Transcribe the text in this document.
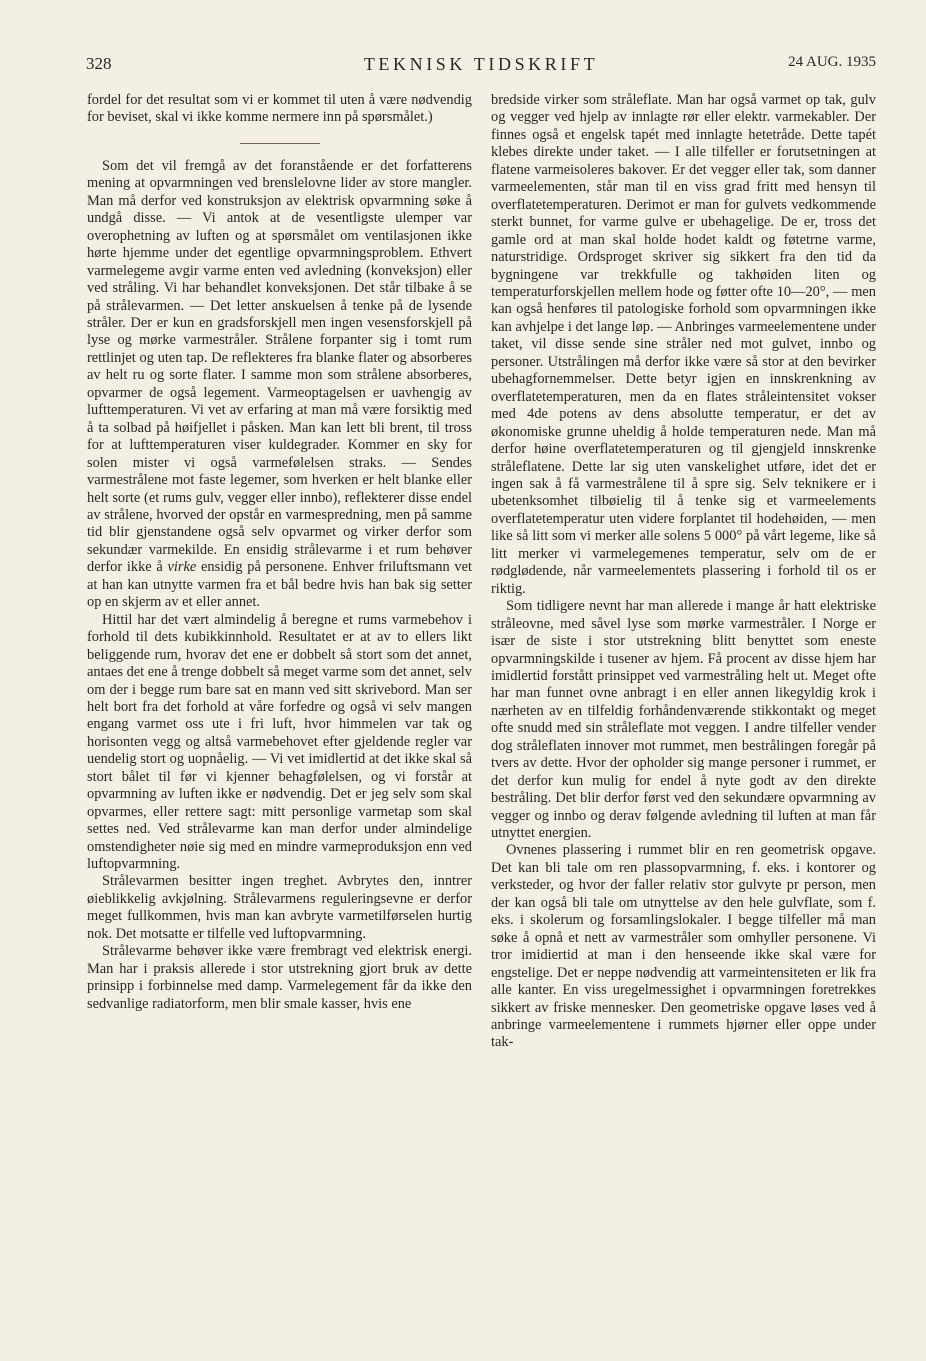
328	TEKNISK TIDSKRIFT	24 AUG. 1935

fordel for det resultat som vi er kommet til uten å være nødvendig for beviset, skal vi ikke komme nermere inn på spørsmålet.)

Som det vil fremgå av det foranstående er det forfatterens mening at opvarmningen ved brenslelovne lider av store mangler. Man må derfor ved konstruksjon av elektrisk opvarmning søke å undgå disse. — Vi antok at de vesentligste ulemper var overophetning av luften og at spørsmålet om ventilasjonen ikke hørte hjemme under det egentlige opvarmningsproblem. Ethvert varmelegeme avgir varme enten ved avledning (konveksjon) eller ved stråling. Vi har behandlet konveksjonen. Det står tilbake å se på strålevarmen. — Det letter anskuelsen å tenke på de lysende stråler. Der er kun en gradsforskjell men ingen vesensforskjell på lyse og mørke varmestråler. Strålene forpanter sig i tomt rum rettlinjet og uten tap. De reflekteres fra blanke flater og absorberes av helt ru og sorte flater. I samme mon som strålene absorberes, opvarmer de også legement. Varmeoptagelsen er uavhengig av lufttemperaturen. Vi vet av erfaring at man må være forsiktig med å ta solbad på høifjellet i påsken. Man kan lett bli brent, til tross for at lufttemperaturen viser kuldegrader. Kommer en sky for solen mister vi også varmefølelsen straks. — Sendes varmestrålene mot faste legemer, som hverken er helt blanke eller helt sorte (et rums gulv, vegger eller innbo), reflekterer disse endel av strålene, hvorved der opstår en varmespredning, men på samme tid blir gjenstandene også selv opvarmet og virker derfor som sekundær varmekilde. En ensidig strålevarme i et rum behøver derfor ikke å virke ensidig på personene. Enhver friluftsmann vet at han kan utnytte varmen fra et bål bedre hvis han bak sig setter op en skjerm av et eller annet.

Hittil har det vært almindelig å beregne et rums varmebehov i forhold til dets kubikkinnhold. Resultatet er at av to ellers likt beliggende rum, hvorav det ene er dobbelt så stort som det annet, antaes det ene å trenge dobbelt så meget varme som det annet, selv om der i begge rum bare sat en mann ved sitt skrivebord. Man ser helt bort fra det forhold at våre forfedre og også vi selv mangen engang varmet oss ute i fri luft, hvor himmelen var tak og horisonten vegg og altså varmebehovet efter gjeldende regler var uendelig stort og uopnåelig. — Vi vet imidlertid at det ikke skal så stort bålet til før vi kjenner behagfølelsen, og vi forstår at opvarmning av luften ikke er nødvendig. Det er jeg selv som skal opvarmes, eller rettere sagt: mitt personlige varmetap som skal settes ned. Ved strålevarme kan man derfor under almindelige omstendigheter nøie sig med en mindre varmeproduksjon enn ved luftopvarmning.

Strålevarmen besitter ingen treghet. Avbrytes den, inntrer øieblikkelig avkjølning. Strålevarmens reguleringsevne er derfor meget fullkommen, hvis man kan avbryte varmetilførselen hurtig nok. Det motsatte er tilfelle ved luftopvarmning.

Strålevarme behøver ikke være frembragt ved elektrisk energi. Man har i praksis allerede i stor utstrekning gjort bruk av dette prinsipp i forbinnelse med damp. Varmelegement får da ikke den sedvanlige radiatorform, men blir smale kasser, hvis ene

bredside virker som stråleflate. Man har også varmet op tak, gulv og vegger ved hjelp av innlagte rør eller elektr. varmekabler. Der finnes også et engelsk tapét med innlagte hetetråde. Dette tapét klebes direkte under taket. — I alle tilfeller er forutsetningen at flatene varmeisoleres bakover. Er det vegger eller tak, som danner varmeelementen, står man til en viss grad fritt med hensyn til overflatetemperaturen. Derimot er man for gulvets vedkommende sterkt bunnet, for varme gulve er ubehagelige. De er, tross det gamle ord at man skal holde hodet kaldt og føtetrne varme, naturstridige. Ordsproget skriver sig sikkert fra den tid da bygningene var trekkfulle og takhøiden liten og temperaturforskjellen mellem hode og føtter ofte 10—20°, — men kan også henføres til patologiske forhold som opvarmningen ikke kan avhjelpe i det lange løp. — Anbringes varmeelementene under taket, vil disse sende sine stråler ned mot gulvet, innbo og personer. Utstrålingen må derfor ikke være så stor at den bevirker ubehagfornemmelser. Dette betyr igjen en innskrenkning av overflatetemperaturen, men da en flates stråleintensitet vokser med 4de potens av dens absolutte temperatur, er det av økonomiske grunne uheldig å holde temperaturen nede. Man må derfor høine overflatetemperaturen og til gjengjeld innskrenke stråleflatene. Dette lar sig uten vanskelighet utføre, idet det er ingen sak å få varmestrålene til å spre sig. Selv teknikere er i ubetenksomhet tilbøielig til å tenke sig et varmeelements overflatetemperatur uten videre forplantet til hodehøiden, — men like så litt som vi merker alle solens 5 000° på vårt legeme, like så litt merker vi varmelegemenes temperatur, selv om de er rødglødende, når varmeelementets plassering i forhold til os er riktig.

Som tidligere nevnt har man allerede i mange år hatt elektriske stråleovne, med såvel lyse som mørke varmestråler. I Norge er især de siste i stor utstrekning blitt benyttet som eneste opvarmningskilde i tusener av hjem. Få procent av disse hjem har imidlertid forstått prinsippet ved varmestråling helt ut. Meget ofte har man funnet ovne anbragt i en eller annen likegyldig krok i nærheten av en tilfeldig forhåndenværende stikkontakt og meget ofte snudd med sin stråleflate mot veggen. I andre tilfeller vender dog stråleflaten innover mot rummet, men bestrålingen foregår på tvers av dette. Hvor der opholder sig mange personer i rummet, er det derfor kun mulig for endel å nyte godt av den direkte bestråling. Det blir derfor først ved den sekundære opvarmning av vegger og innbo og derav følgende avledning til luften at man får utnyttet energien.

Ovnenes plassering i rummet blir en ren geometrisk opgave. Det kan bli tale om ren plassopvarmning, f. eks. i kontorer og verksteder, og hvor der faller relativ stor gulvyte pr person, men der kan også bli tale om utnyttelse av den hele gulvflate, som f. eks. i skolerum og forsamlingslokaler. I begge tilfeller må man søke å opnå et nett av varmestråler som omhyller personene. Vi tror imidiertid at man i den henseende ikke skal være for engstelige. Det er neppe nødvendig att varmeintensiteten er lik fra alle kanter. En viss uregelmessighet i opvarmningen foretrekkes sikkert av friske mennesker. Den geometriske opgave løses ved å anbringe varmeelementene i rummets hjørner eller oppe under tak-
